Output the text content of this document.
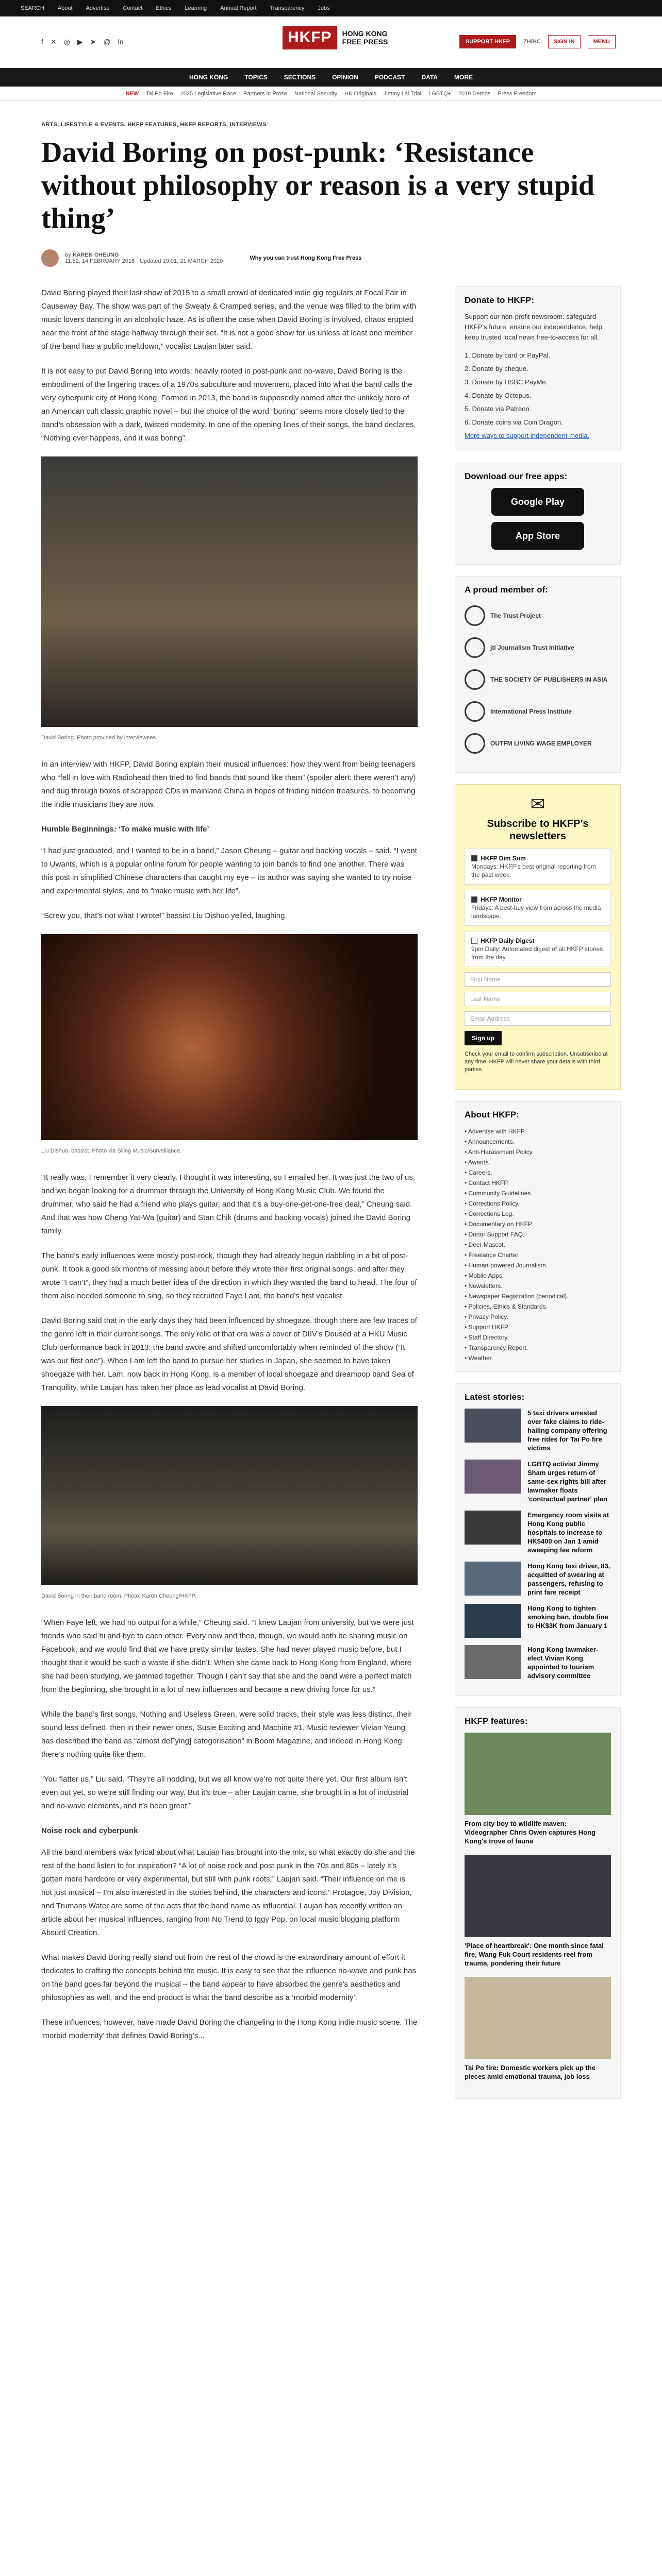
SEARCH About Advertise Contact Ethics Learning Annual Report Transparency Jobs
f ✕ ◎ ▶ ➤ @ in	HKFP	HONG KONG
FREE PRESS	SUPPORT HKFP	ZH/HC	SIGN IN	MENU
HONG KONG	TOPICS	SECTIONS	OPINION	PODCAST	DATA	MORE
NEW Tai Po Fire 2025 Legislative Race Partners in Prose National Security HK Originals Jimmy Lai Trial LGBTQ+ 2019 Demos Press Freedom
ARTS, LIFESTYLE & EVENTS, HKFP FEATURES, HKFP REPORTS, INTERVIEWS
David Boring on post-punk: ‘Resistance without philosophy or reason is a very stupid thing’
by KAREN CHEUNG
11:52, 14 FEBRUARY 2018 · Updated 19:01, 21 MARCH 2020	Why you can trust Hong Kong Free Press

David Boring played their last show of 2015 to a small crowd of dedicated indie gig regulars at Focal Fair in Causeway Bay. The show was part of the Sweaty & Cramped series, and the venue was filled to the brim with music lovers dancing in an alcoholic haze. As is often the case when David Boring is involved, chaos erupted near the front of the stage halfway through their set. “It is not a good show for us unless at least one member of the band has a public meltdown,” vocalist Laujan later said.

It is not easy to put David Boring into words: heavily rooted in post-punk and no-wave, David Boring is the embodiment of the lingering traces of a 1970s subculture and movement, placed into what the band calls the very cyberpunk city of Hong Kong. Formed in 2013, the band is supposedly named after the unlikely hero of an American cult classic graphic novel – but the choice of the word “boring” seems more closely tied to the band’s obsession with a dark, twisted modernity. In one of the opening lines of their songs, the band declares, “Nothing ever happens, and it was boring”.

David Boring. Photo provided by interviewees.

In an interview with HKFP, David Boring explain their musical influences: how they went from being teenagers who “fell in love with Radiohead then tried to find bands that sound like them” (spoiler alert: there weren’t any) and dug through boxes of scrapped CDs in mainland China in hopes of finding hidden treasures, to becoming the indie musicians they are now.

Humble Beginnings: ‘To make music with life’

“I had just graduated, and I wanted to be in a band,” Jason Cheung – guitar and backing vocals – said. “I went to Uwants, which is a popular online forum for people wanting to join bands to find one another. There was this post in simplified Chinese characters that caught my eye – its author was saying she wanted to try noise and experimental styles, and to “make music with her life”.

“Screw you, that’s not what I wrote!” bassist Liu Dishuo yelled, laughing.

Liu Dishuo, bassist. Photo via Sliing Music/Surveillance.

“It really was, I remember it very clearly. I thought it was interesting, so I emailed her. It was just the two of us, and we began looking for a drummer through the University of Hong Kong Music Club. We found the drummer, who said he had a friend who plays guitar, and that it’s a buy-one-get-one-free deal,” Cheung said. And that was how Cheng Yat-Wa (guitar) and Stan Chik (drums and backing vocals) joined the David Boring family.

The band’s early influences were mostly post-rock, though they had already begun dabbling in a bit of post-punk. It took a good six months of messing about before they wrote their first original songs, and after they wrote “I can’t”, they had a much better idea of the direction in which they wanted the band to head. The four of them also needed someone to sing, so they recruited Faye Lam, the band’s first vocalist.

David Boring said that in the early days they had been influenced by shoegaze, though there are few traces of the genre left in their current songs. The only relic of that era was a cover of DIIV’s Doused at a HKU Music Club performance back in 2013: the band swore and shifted uncomfortably when reminded of the show (“It was our first one”). When Lam left the band to pursue her studies in Japan, she seemed to have taken shoegaze with her. Lam, now back in Hong Kong, is a member of local shoegaze and dreampop band Sea of Tranquility, while Laujan has taken her place as lead vocalist at David Boring.

David Boring in their band room. Photo: Karen Cheung/HKFP.

“When Faye left, we had no output for a while,” Cheung said. “I knew Laujan from university, but we were just friends who said hi and bye to each other. Every now and then, though, we would both be sharing music on Facebook, and we would find that we have pretty similar tastes. She had never played music before, but I thought that it would be such a waste if she didn’t. When she came back to Hong Kong from England, where she had been studying, we jammed together. Though I can’t say that she and the band were a perfect match from the beginning, she brought in a lot of new influences and became a new driving force for us.”

While the band’s first songs, Nothing and Useless Green, were solid tracks, their style was less distinct. their sound less defined. then in their newer ones, Susie Exciting and Machine #1, Music reviewer Vivian Yeung has described the band as “almost deFying] categorisation” in Boom Magazine, and indeed in Hong Kong there’s nothing quite like them.

“You flatter us,” Liu said. “They’re all nodding, but we all know we’re not quite there yet. Our first album isn’t even out yet, so we’re still finding our way. But it’s true – after Laujan came, she brought in a lot of industrial and no-wave elements, and it’s been great.”

Noise rock and cyberpunk

All the band members wax lyrical about what Laujan has brought into the mix, so what exactly do she and the rest of the band listen to for inspiration? “A lot of noise rock and post punk in the 70s and 80s – lately it’s gotten more hardcore or very experimental, but still with punk roots,” Laujan said. “Their influence on me is not just musical – I’m also interested in the stories behind, the characters and icons.” Protagoe, Joy Division, and Trumans Water are some of the acts that the band name as influential. Laujan has recently written an article about her musical influences, ranging from No Trend to Iggy Pop, on local music blogging platform Absurd Creation.

What makes David Boring really stand out from the rest of the crowd is the extraordinary amount of effort it dedicates to crafting the concepts behind the music. It is easy to see that the influence no-wave and punk has on the band goes far beyond the musical – the band appear to have absorbed the genre’s aesthetics and philosophies as well, and the end product is what the band describe as a ‘morbid modernity’.

These influences, however, have made David Boring the changeling in the Hong Kong indie music scene. The ‘morbid modernity’ that defines David Boring’s...

Donate to HKFP:

Support our non-profit newsroom: safeguard HKFP's future, ensure our independence, help keep trusted local news free-to-access for all.

1. Donate by card or PayPal.
2. Donate by cheque.
3. Donate by HSBC PayMe.
4. Donate by Octopus.
5. Donate via Patreon.
6. Donate coins via Coin Dragon.
More ways to support independent media.
Download our free apps:
Google Play
App Store
A proud member of:
The Trust Project
jti Journalism Trust Initiative
THE SOCIETY OF PUBLISHERS IN ASIA
International Press Institute
OUTFM LIVING WAGE EMPLOYER
✉
Subscribe to HKFP's newsletters
HKFP Dim Sum
Mondays: HKFP's best original reporting from the past week.
HKFP Monitor
Fridays: A best-buy view from across the media landscape.
HKFP Daily Digest
9pm Daily: Automated digest of all HKFP stories from the day.
First Name
Last Name
Email Address
Sign up

Check your email to confirm subscription. Unsubscribe at any time. HKFP will never share your details with third parties.

About HKFP:
• Advertise with HKFP.
• Announcements.
• Anti-Harassment Policy.
• Awards.
• Careers.
• Contact HKFP.
• Community Guidelines.
• Corrections Policy.
• Corrections Log.
• Documentary on HKFP.
• Donor Support FAQ.
• Deer Mascot.
• Freelance Charter.
• Human-powered Journalism.
• Mobile Apps.
• Newsletters.
• Newspaper Registration (periodical).
• Policies, Ethics & Standards.
• Privacy Policy.
• Support HKFP.
• Staff Directory.
• Transparency Report.
• Weather.
Latest stories:
5 taxi drivers arrested over fake claims to ride-hailing company offering free rides for Tai Po fire victims
LGBTQ activist Jimmy Sham urges return of same-sex rights bill after lawmaker floats 'contractual partner' plan
Emergency room visits at Hong Kong public hospitals to increase to HK$400 on Jan 1 amid sweeping fee reform
Hong Kong taxi driver, 83, acquitted of swearing at passengers, refusing to print fare receipt
Hong Kong to tighten smoking ban, double fine to HK$3K from January 1
Hong Kong lawmaker-elect Vivian Kong appointed to tourism advisory committee
HKFP features:
From city boy to wildlife maven: Videographer Chris Owen captures Hong Kong's trove of fauna
'Place of heartbreak': One month since fatal fire, Wang Fuk Court residents reel from trauma, pondering their future
Tai Po fire: Domestic workers pick up the pieces amid emotional trauma, job loss
